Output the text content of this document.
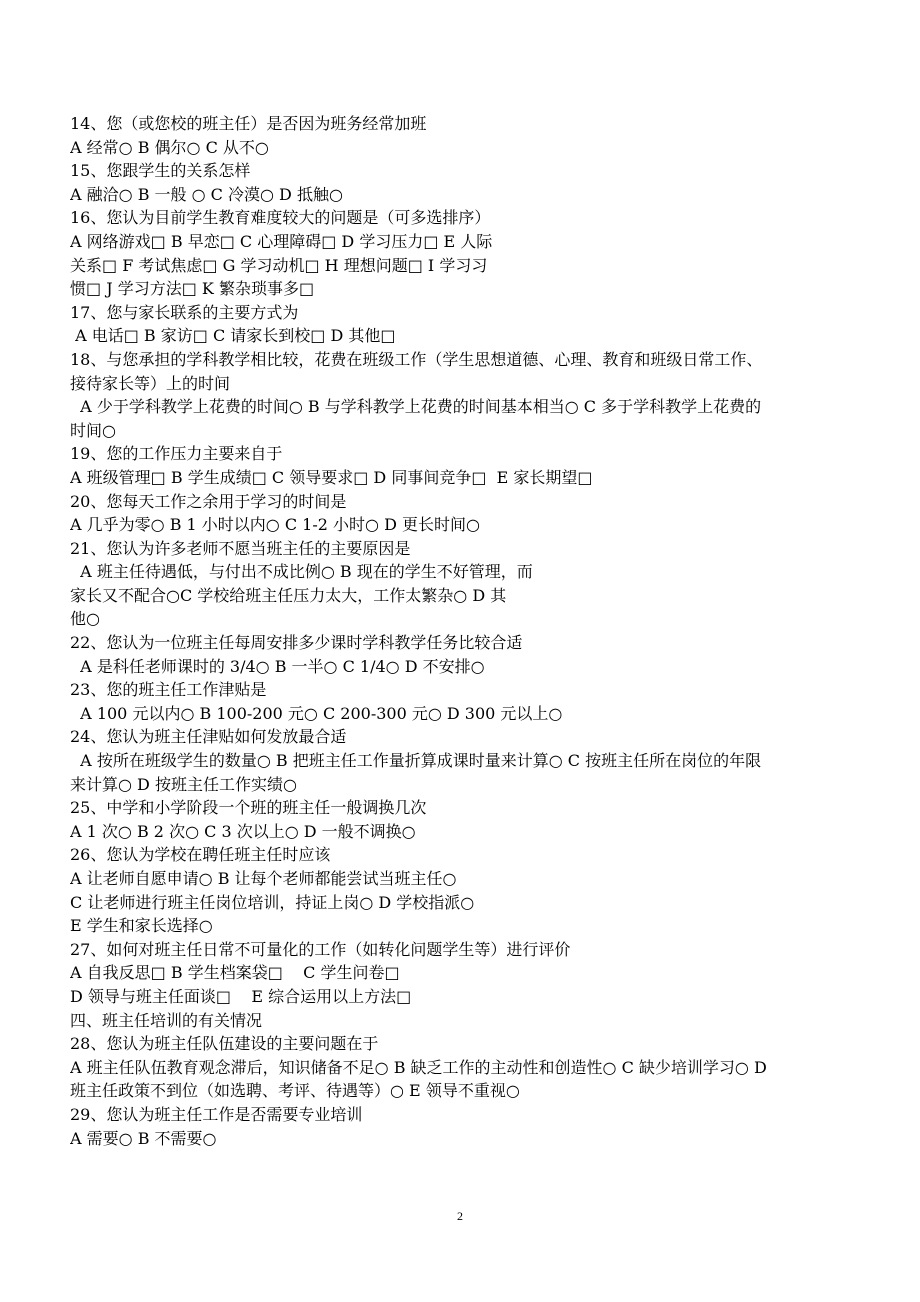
14、您（或您校的班主任）是否因为班务经常加班
A 经常○ B 偶尔○ C 从不○
15、您跟学生的关系怎样
A 融洽○ B 一般 ○ C 冷漠○ D 抵触○
16、您认为目前学生教育难度较大的问题是（可多选排序）
A 网络游戏□ B 早恋□ C 心理障碍□ D 学习压力□ E 人际
关系□ F 考试焦虑□ G 学习动机□ H 理想问题□ I 学习习
惯□ J 学习方法□ K 繁杂琐事多□
17、您与家长联系的主要方式为
A 电话□ B 家访□ C 请家长到校□ D 其他□
18、与您承担的学科教学相比较，花费在班级工作（学生思想道德、心理、教育和班级日常工作、
接待家长等）上的时间
A 少于学科教学上花费的时间○ B 与学科教学上花费的时间基本相当○ C 多于学科教学上花费的
时间○
19、您的工作压力主要来自于
A 班级管理□ B 学生成绩□ C 领导要求□ D 同事间竞争□  E 家长期望□
20、您每天工作之余用于学习的时间是
A 几乎为零○ B 1 小时以内○ C 1-2 小时○ D 更长时间○
21、您认为许多老师不愿当班主任的主要原因是
A 班主任待遇低，与付出不成比例○ B 现在的学生不好管理，而
家长又不配合○C 学校给班主任压力太大，工作太繁杂○ D 其
他○
22、您认为一位班主任每周安排多少课时学科教学任务比较合适
A 是科任老师课时的 3/4○ B 一半○ C 1/4○ D 不安排○
23、您的班主任工作津贴是
A 100 元以内○ B 100-200 元○ C 200-300 元○ D 300 元以上○
24、您认为班主任津贴如何发放最合适
A 按所在班级学生的数量○ B 把班主任工作量折算成课时量来计算○ C 按班主任所在岗位的年限
来计算○ D 按班主任工作实绩○
25、中学和小学阶段一个班的班主任一般调换几次
A 1 次○ B 2 次○ C 3 次以上○ D 一般不调换○
26、您认为学校在聘任班主任时应该
A 让老师自愿申请○ B 让每个老师都能尝试当班主任○
C 让老师进行班主任岗位培训，持证上岗○ D 学校指派○
E 学生和家长选择○
27、如何对班主任日常不可量化的工作（如转化问题学生等）进行评价
A 自我反思□ B 学生档案袋□    C 学生问卷□
D 领导与班主任面谈□    E 综合运用以上方法□
四、班主任培训的有关情况
28、您认为班主任队伍建设的主要问题在于
A 班主任队伍教育观念滞后，知识储备不足○ B 缺乏工作的主动性和创造性○ C 缺少培训学习○ D
班主任政策不到位（如选聘、考评、待遇等）○ E 领导不重视○
29、您认为班主任工作是否需要专业培训
A 需要○ B 不需要○
2
